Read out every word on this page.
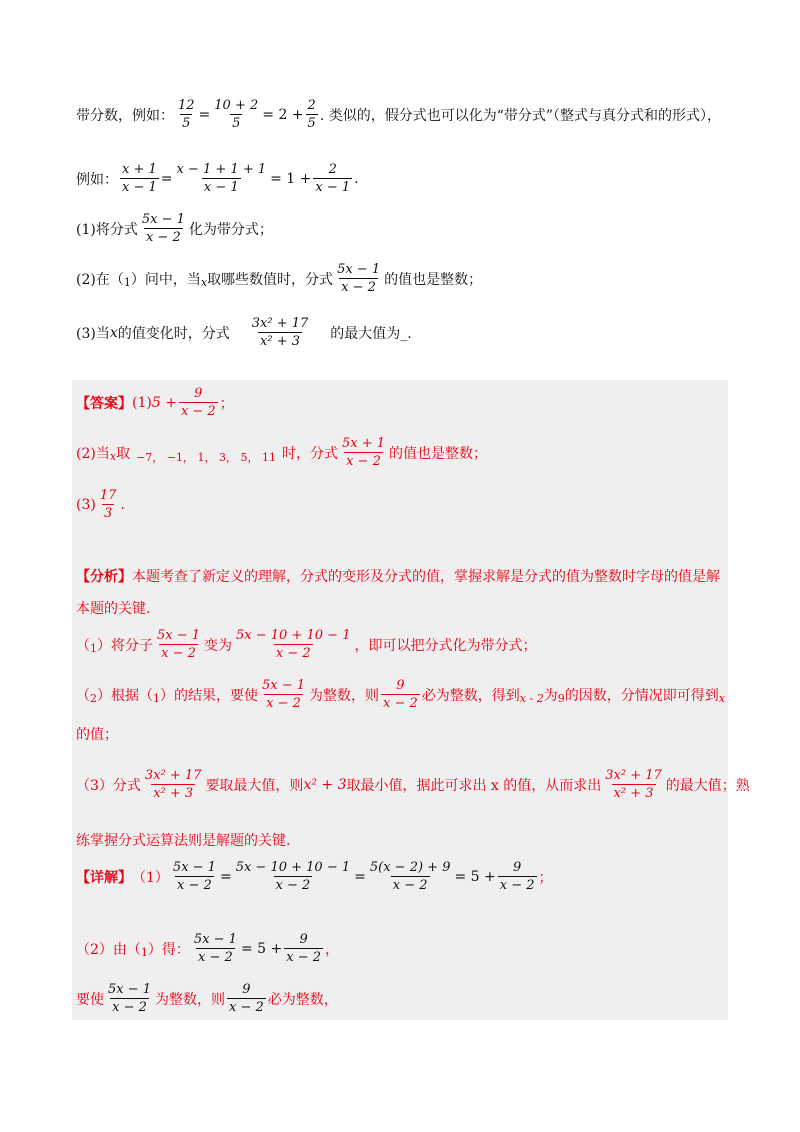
带分数，例如： $\frac{12}{5} = \frac{10 + 2}{5} = 2 + \frac{2}{5}$ . 类似的，假分式也可以化为“带分式”（整式与真分式和的形式），
例如： $\frac{x + 1}{x - 1} = \frac{x - 1 + 1 + 1}{x - 1} = 1 + \frac{2}{x - 1}$ .
(1)将分式 $\frac{5x - 1}{x - 2}$ 化为带分式；
(2)在（ 1 ）问中，当 x 取哪些数值时，分式 $\frac{5x - 1}{x - 2}$ 的值也是整数；
(3)当 x 的值变化时，分式 $\frac{\text{3x² + 17}}{\text{x² + 3}}$ 的最大值为_.
【答案】 (1) $5 + \frac{9}{x - 2}$ ；
(2)当 x 取 −7， −1， 1， 3， 5， 11 时，分式 $\frac{5x + 1}{x - 2}$ 的值也是整数；
$(3) \frac{17}{3}$ .
【分析】 本题考查了新定义的理解，分式的变形及分式的值，掌握求解是分式的值为整数时字母的值是解
本题的关键.
（ 1 ）将分子 $\frac{5x - 1}{x - 2}$ 变为 $\frac{5x - 10 + 10 - 1}{x - 2}$ ，即可以把分式化为带分式；
（ 2 ）根据（ 1 ）的结果，要使 $\frac{5x - 1}{x - 2}$ 为整数，则 $\frac{9}{x - 2}$ 必为整数，得到 x - 2 为 9 的因数，分情况即可得到 x
的值；
（3）分式 $\frac{\text{3x² + 17}}{\text{x² + 3}}$ 要取最大值，则 x² + 3 取最小值，据此可求出 x 的值，从而求出 $\frac{\text{3x² + 17}}{\text{x² + 3}}$ 的最大值；熟
练掌握分式运算法则是解题的关键.
【详解】 $(1) \frac{5x - 1}{x - 2} = \frac{5x - 10 + 10 - 1}{x - 2} = \frac{5(x - 2) + 9}{x - 2} = 5 + \frac{9}{x - 2}$ ；
（2）由（ 1 ）得： $\frac{5x - 1}{x - 2} = 5 + \frac{9}{x - 2}$ ，
要使 $\frac{5x - 1}{x - 2}$ 为整数，则 $\frac{9}{x - 2}$ 必为整数，
